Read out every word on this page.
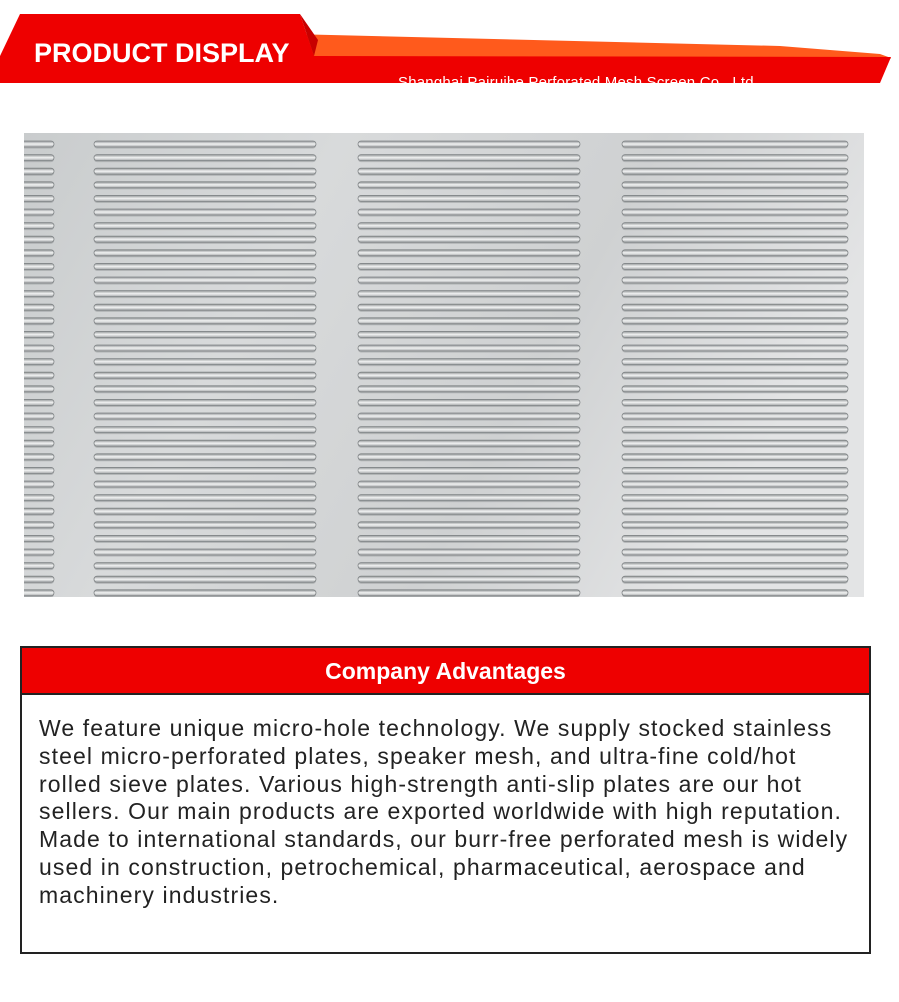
PRODUCT DISPLAY
Shanghai Pairuihe Perforated Mesh Screen Co., Ltd.
Company Advantages

We feature unique micro-hole technology. We supply stocked stainless steel micro-perforated plates, speaker mesh, and ultra-fine cold/hot rolled sieve plates. Various high-strength anti-slip plates are our hot sellers. Our main products are exported worldwide with high reputation. Made to international standards, our burr-free perforated mesh is widely used in construction, petrochemical, pharmaceutical, aerospace and machinery industries.
